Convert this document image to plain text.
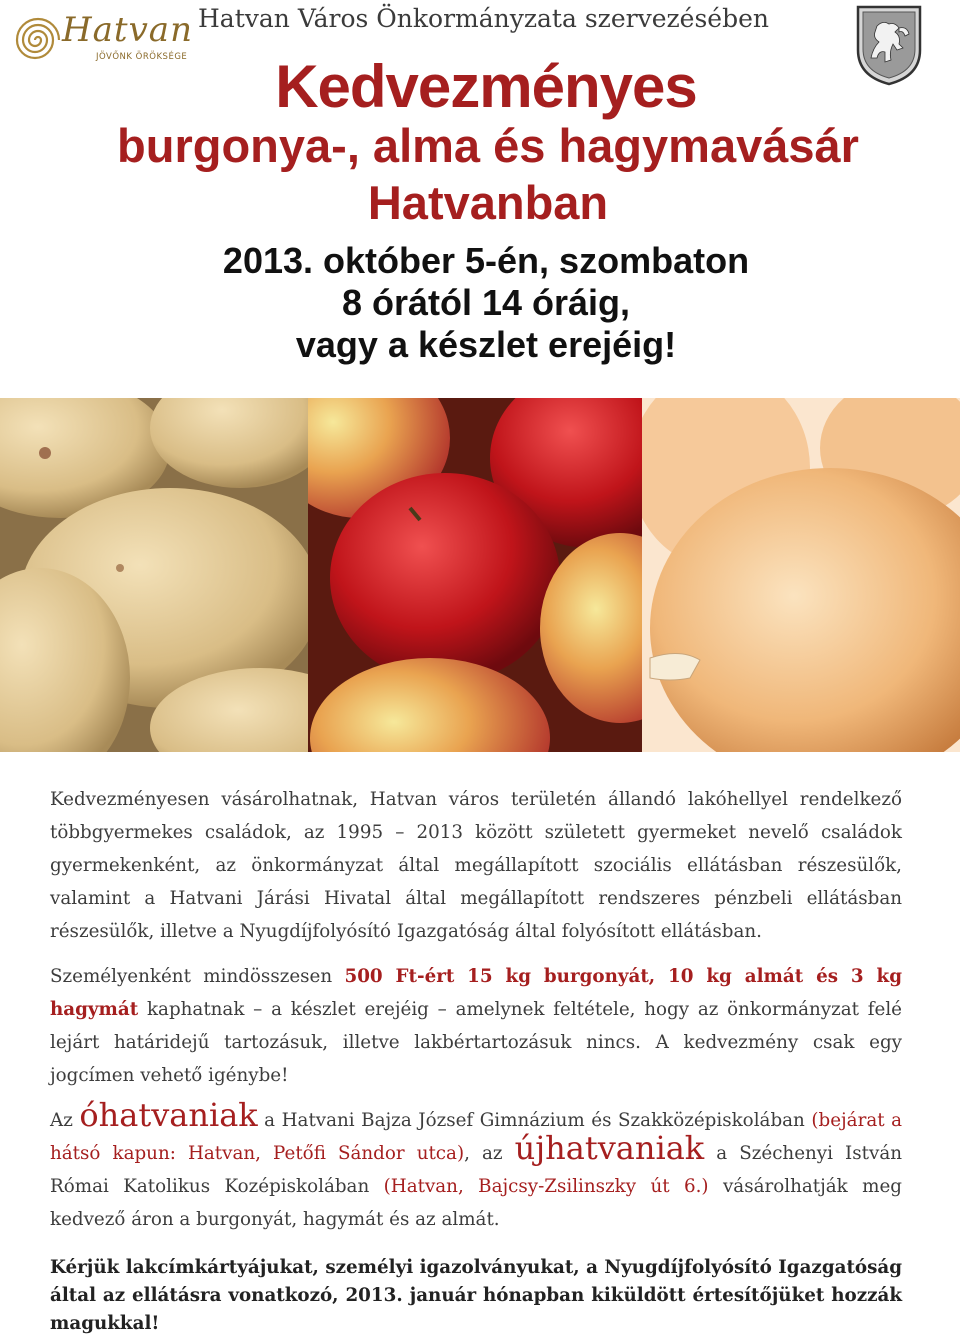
Hatvan
JÖVŐNK ÖRÖKSÉGE
Hatvan Város Önkormányzata szervezésében
Kedvezményes
burgonya-, alma és hagymavásár
Hatvanban
2013. október 5-én, szombaton
8 órától 14 óráig,
vagy a készlet erejéig!

Kedvezményesen vásárolhatnak, Hatvan város területén állandó lakóhellyel rendelkező többgyermekes családok, az 1995 – 2013 között született gyermeket nevelő családok gyermekenként, az önkormányzat által megállapított szociális ellátásban részesülők, valamint a Hatvani Járási Hivatal által megállapított rendszeres pénzbeli ellátásban részesülők, illetve a Nyugdíjfolyósító Igazgatóság által folyósított ellátásban.

Személyenként mindösszesen 500 Ft-ért 15 kg burgonyát, 10 kg almát és 3 kg hagymát kaphatnak – a készlet erejéig – amelynek feltétele, hogy az önkormányzat felé lejárt határidejű tartozásuk, illetve lakbértartozásuk nincs. A kedvezmény csak egy jogcímen vehető igénybe!

Az óhatvaniak a Hatvani Bajza József Gimnázium és Szakközépiskolában (bejárat a hátsó kapun: Hatvan, Petőfi Sándor utca), az újhatvaniak a Széchenyi István Római Katolikus Kozépiskolában (Hatvan, Bajcsy-Zsilinszky út 6.) vásárolhatják meg kedvező áron a burgonyát, hagymát és az almát.

Kérjük lakcímkártyájukat, személyi igazolványukat, a Nyugdíjfolyósító Igazgatóság által az ellátásra vonatkozó, 2013. január hónapban kiküldött értesítőjüket hozzák magukkal!
